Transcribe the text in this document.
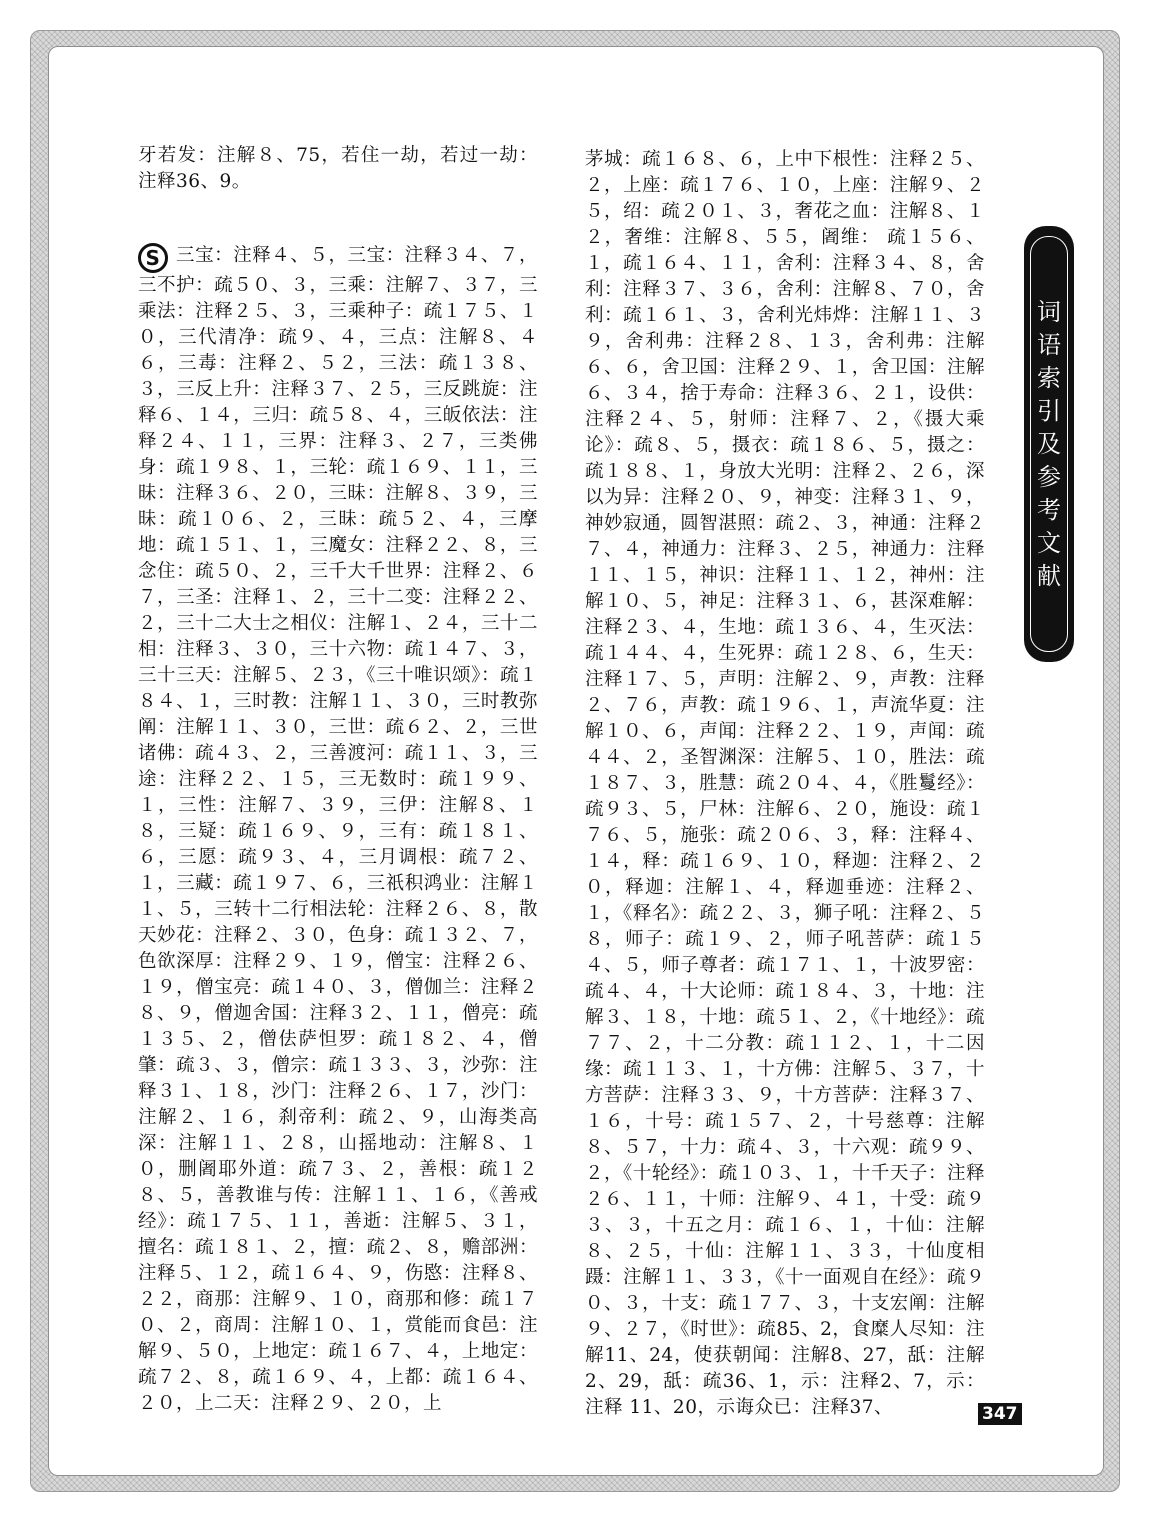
牙若发：注解８、75，若住一劫，若过一劫：注释36、9。

S 三宝：注释４、５，三宝：注释３４、７，三不护：疏５０、３，三乘：注解７、３７，三乘法：注释２５、３，三乘种子：疏１７５、１０，三代清净：疏９、４，三点：注解８、４６，三毒：注释２、５２，三法：疏１３８、３，三反上升：注释３７、２５，三反跳旋：注释６、１４，三归：疏５８、４，三皈依法：注释２４、１１，三界：注释３、２７，三类佛身：疏１９８、１，三轮：疏１６９、１１，三昧：注释３６、２０，三昧：注解８、３９，三昧：疏１０６、２，三昧：疏５２、４，三摩地：疏１５１、１，三魔女：注释２２、８，三念住：疏５０、２，三千大千世界：注释２、６７，三圣：注释１、２，三十二变：注释２２、２，三十二大士之相仪：注解１、２４，三十二相：注释３、３０，三十六物：疏１４７、３，三十三天：注解５、２３，《三十唯识颂》：疏１８４、１，三时教：注解１１、３０，三时教弥阐：注解１１、３０，三世：疏６２、２，三世诸佛：疏４３、２，三善渡河：疏１１、３，三途：注释２２、１５，三无数时：疏１９９、１，三性：注解７、３９，三伊：注解８、１８，三疑：疏１６９、９，三有：疏１８１、６，三愿：疏９３、４，三月调根：疏７２、１，三藏：疏１９７、６，三祇积鸿业：注解１１、５，三转十二行相法轮：注释２６、８，散天妙花：注释２、３０，色身：疏１３２、７，色欲深厚：注释２９、１９，僧宝：注释２６、１９，僧宝亮：疏１４０、３，僧伽兰：注释２８、９，僧迦舍国：注释３２、１１，僧亮：疏１３５、２，僧佉萨怛罗：疏１８２、４，僧肇：疏３、３，僧宗：疏１３３、３，沙弥：注释３１、１８，沙门：注释２６、１７，沙门：注解２、１６，刹帝利：疏２、９，山海类高深：注解１１、２８，山摇地动：注解８、１０，删阇耶外道：疏７３、２，善根：疏１２８、５，善教谁与传：注解１１、１６，《善戒经》：疏１７５、１１，善逝：注解５、３１，擅名：疏１８１、２，擅：疏２、８，赡部洲：注释５、１２，疏１６４、９，伤愍：注释８、２２，商那：注解９、１０，商那和修：疏１７０、２，商周：注解１０、１，赏能而食邑：注解９、５０，上地定：疏１６７、４，上地定：疏７２、８，疏１６９、４，上都：疏１６４、２０，上二天：注释２９、２０，上

茅城：疏１６８、６，上中下根性：注释２５、２，上座：疏１７６、１０，上座：注解９、２５，绍：疏２０１、３，奢花之血：注解８、１２，奢维：注解８、５５，阇维： 疏１５６、１，疏１６４、１１，舍利：注释３４、８，舍利：注释３７、３６，舍利：注解８、７０，舍利：疏１６１、３，舍利光炜烨：注解１１、３９，舍利弗：注释２８、１３，舍利弗：注解６、６，舍卫国：注释２９、１，舍卫国：注解６、３４，捨于寿命：注释３６、２１，设供：注释２４、５，射师：注释７、２，《摄大乘论》：疏８、５，摄衣：疏１８６、５，摄之：疏１８８、１，身放大光明：注释２、２６，深以为异：注释２０、９，神变：注释３１、９，神妙寂通，圆智湛照：疏２、３，神通：注释２７、４，神通力：注释３、２５，神通力：注释１１、１５，神识：注释１１、１２，神州：注解１０、５，神足：注释３１、６，甚深难解：注释２３、４，生地：疏１３６、４，生灭法：疏１４４、４，生死界：疏１２８、６，生天：注释１７、５，声明：注解２、９，声教：注释２、７６，声教：疏１９６、１，声流华夏：注解１０、６，声闻：注释２２、１９，声闻：疏４４、２，圣智渊深：注解５、１０，胜法：疏１８７、３，胜慧：疏２０４、４，《胜鬘经》：疏９３、５，尸林：注解６、２０，施设：疏１７６、５，施张：疏２０６、３，释：注释４、１４，释：疏１６９、１０，释迦：注释２、２０，释迦：注解１、４，释迦垂迹：注释２、１，《释名》：疏２２、３，狮子吼：注释２、５８，师子：疏１９、２，师子吼菩萨：疏１５４、５，师子尊者：疏１７１、１，十波罗密：疏４、４，十大论师：疏１８４、３，十地：注解３、１８，十地：疏５１、２，《十地经》：疏７７、２，十二分教：疏１１２、１，十二因缘：疏１１３、１，十方佛：注解５、３７，十方菩萨：注释３３、９，十方菩萨：注释３７、１６，十号：疏１５７、２，十号慈尊：注解８、５７，十力：疏４、３，十六观：疏９９、２，《十轮经》：疏１０３、１，十千天子：注释２６、１１，十师：注解９、４１，十受：疏９３、３，十五之月：疏１６、１，十仙：注解８、２５，十仙：注解１１、３３，十仙度相蹑：注解１１、３３，《十一面观自在经》：疏９０、３，十支：疏１７７、３，十支宏阐：注解９、２７，《时世》：疏85、2，食糜人尽知：注解11、24，使获朝闻：注解8、27，舐：注解2、29，舐：疏36、1，示：注释2、7，示：注释 11、20，示诲众已：注释37、

词
语
索
引
及
参
考
文
献
347
